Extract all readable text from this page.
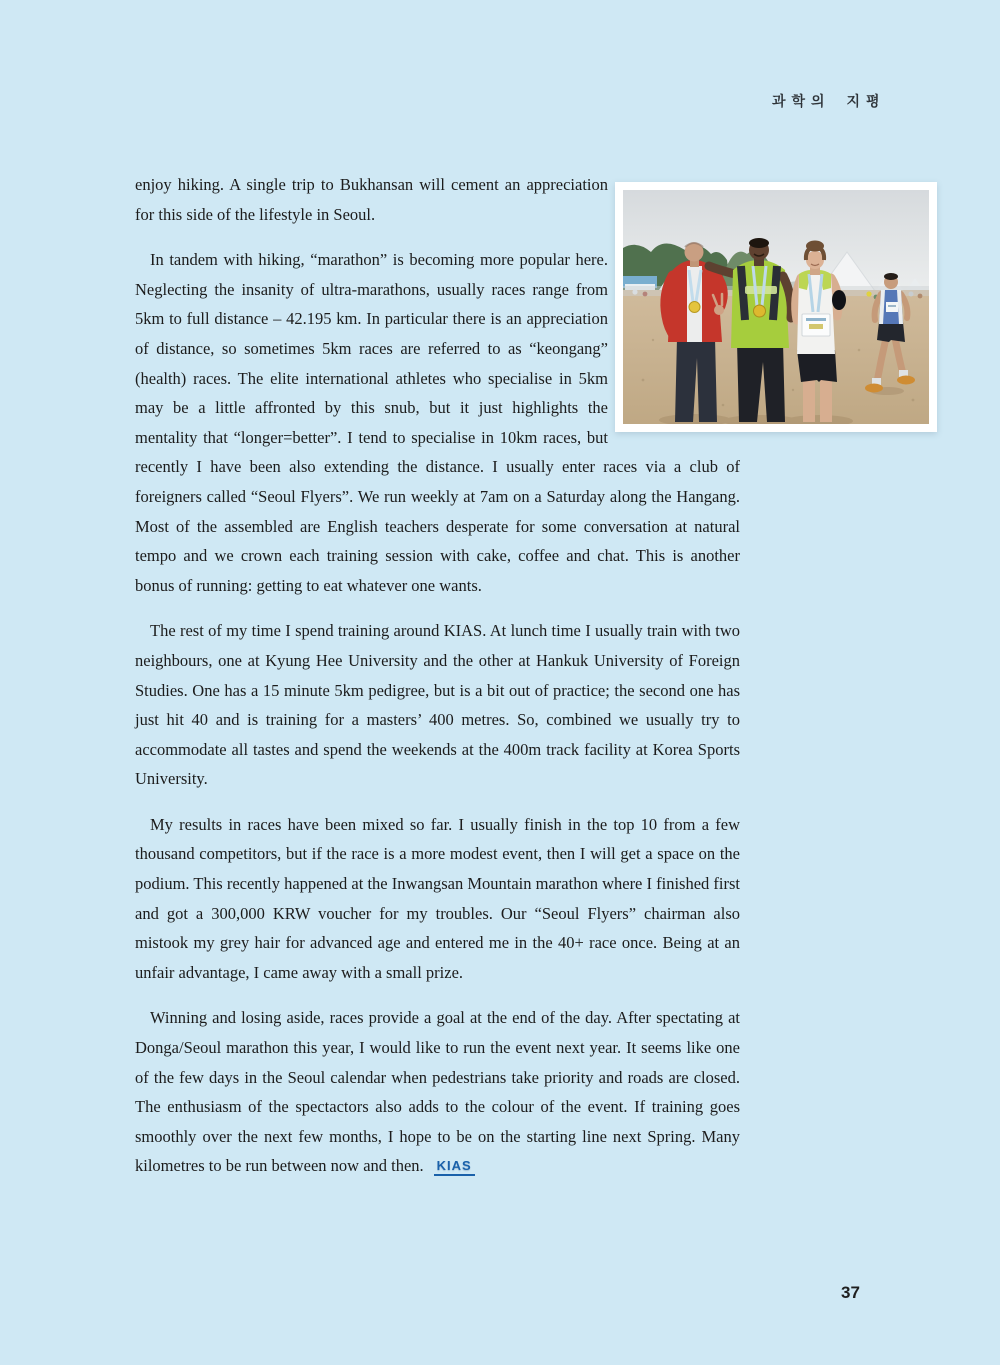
과학의 지평

enjoy hiking. A single trip to Bukhansan will cement an appreciation for this side of the lifestyle in Seoul.

In tandem with hiking, “marathon” is becoming more popular here. Neglecting the insanity of ultra-marathons, usually races range from 5km to full distance – 42.195 km. In particular there is an appreciation of distance, so sometimes 5km races are referred to as “keongang” (health) races. The elite international athletes who specialise in 5km may be a little affronted by this snub, but it just highlights the mentality that “longer=better”. I tend to specialise in 10km races, but recently I have been also extending the distance. I usually enter races via a club of foreigners called “Seoul Flyers”. We run weekly at 7am on a Saturday along the Hangang. Most of the assembled are English teachers desperate for some conversation at natural tempo and we crown each training session with cake, coffee and chat. This is another bonus of running: getting to eat whatever one wants.

The rest of my time I spend training around KIAS. At lunch time I usually train with two neighbours, one at Kyung Hee University and the other at Hankuk University of Foreign Studies. One has a 15 minute 5km pedigree, but is a bit out of practice; the second one has just hit 40 and is training for a masters’ 400 metres. So, combined we usually try to accommodate all tastes and spend the weekends at the 400m track facility at Korea Sports University.

My results in races have been mixed so far. I usually finish in the top 10 from a few thousand competitors, but if the race is a more modest event, then I will get a space on the podium. This recently happened at the Inwangsan Mountain marathon where I finished first and got a 300,000 KRW voucher for my troubles. Our “Seoul Flyers” chairman also mistook my grey hair for advanced age and entered me in the 40+ race once. Being at an unfair advantage, I came away with a small prize.

Winning and losing aside, races provide a goal at the end of the day. After spectating at Donga/Seoul marathon this year, I would like to run the event next year. It seems like one of the few days in the Seoul calendar when pedestrians take priority and roads are closed. The enthusiasm of the spectactors also adds to the colour of the event. If training goes smoothly over the next few months, I hope to be on the starting line next Spring. Many kilometres to be run between now and then. KIAS

37
